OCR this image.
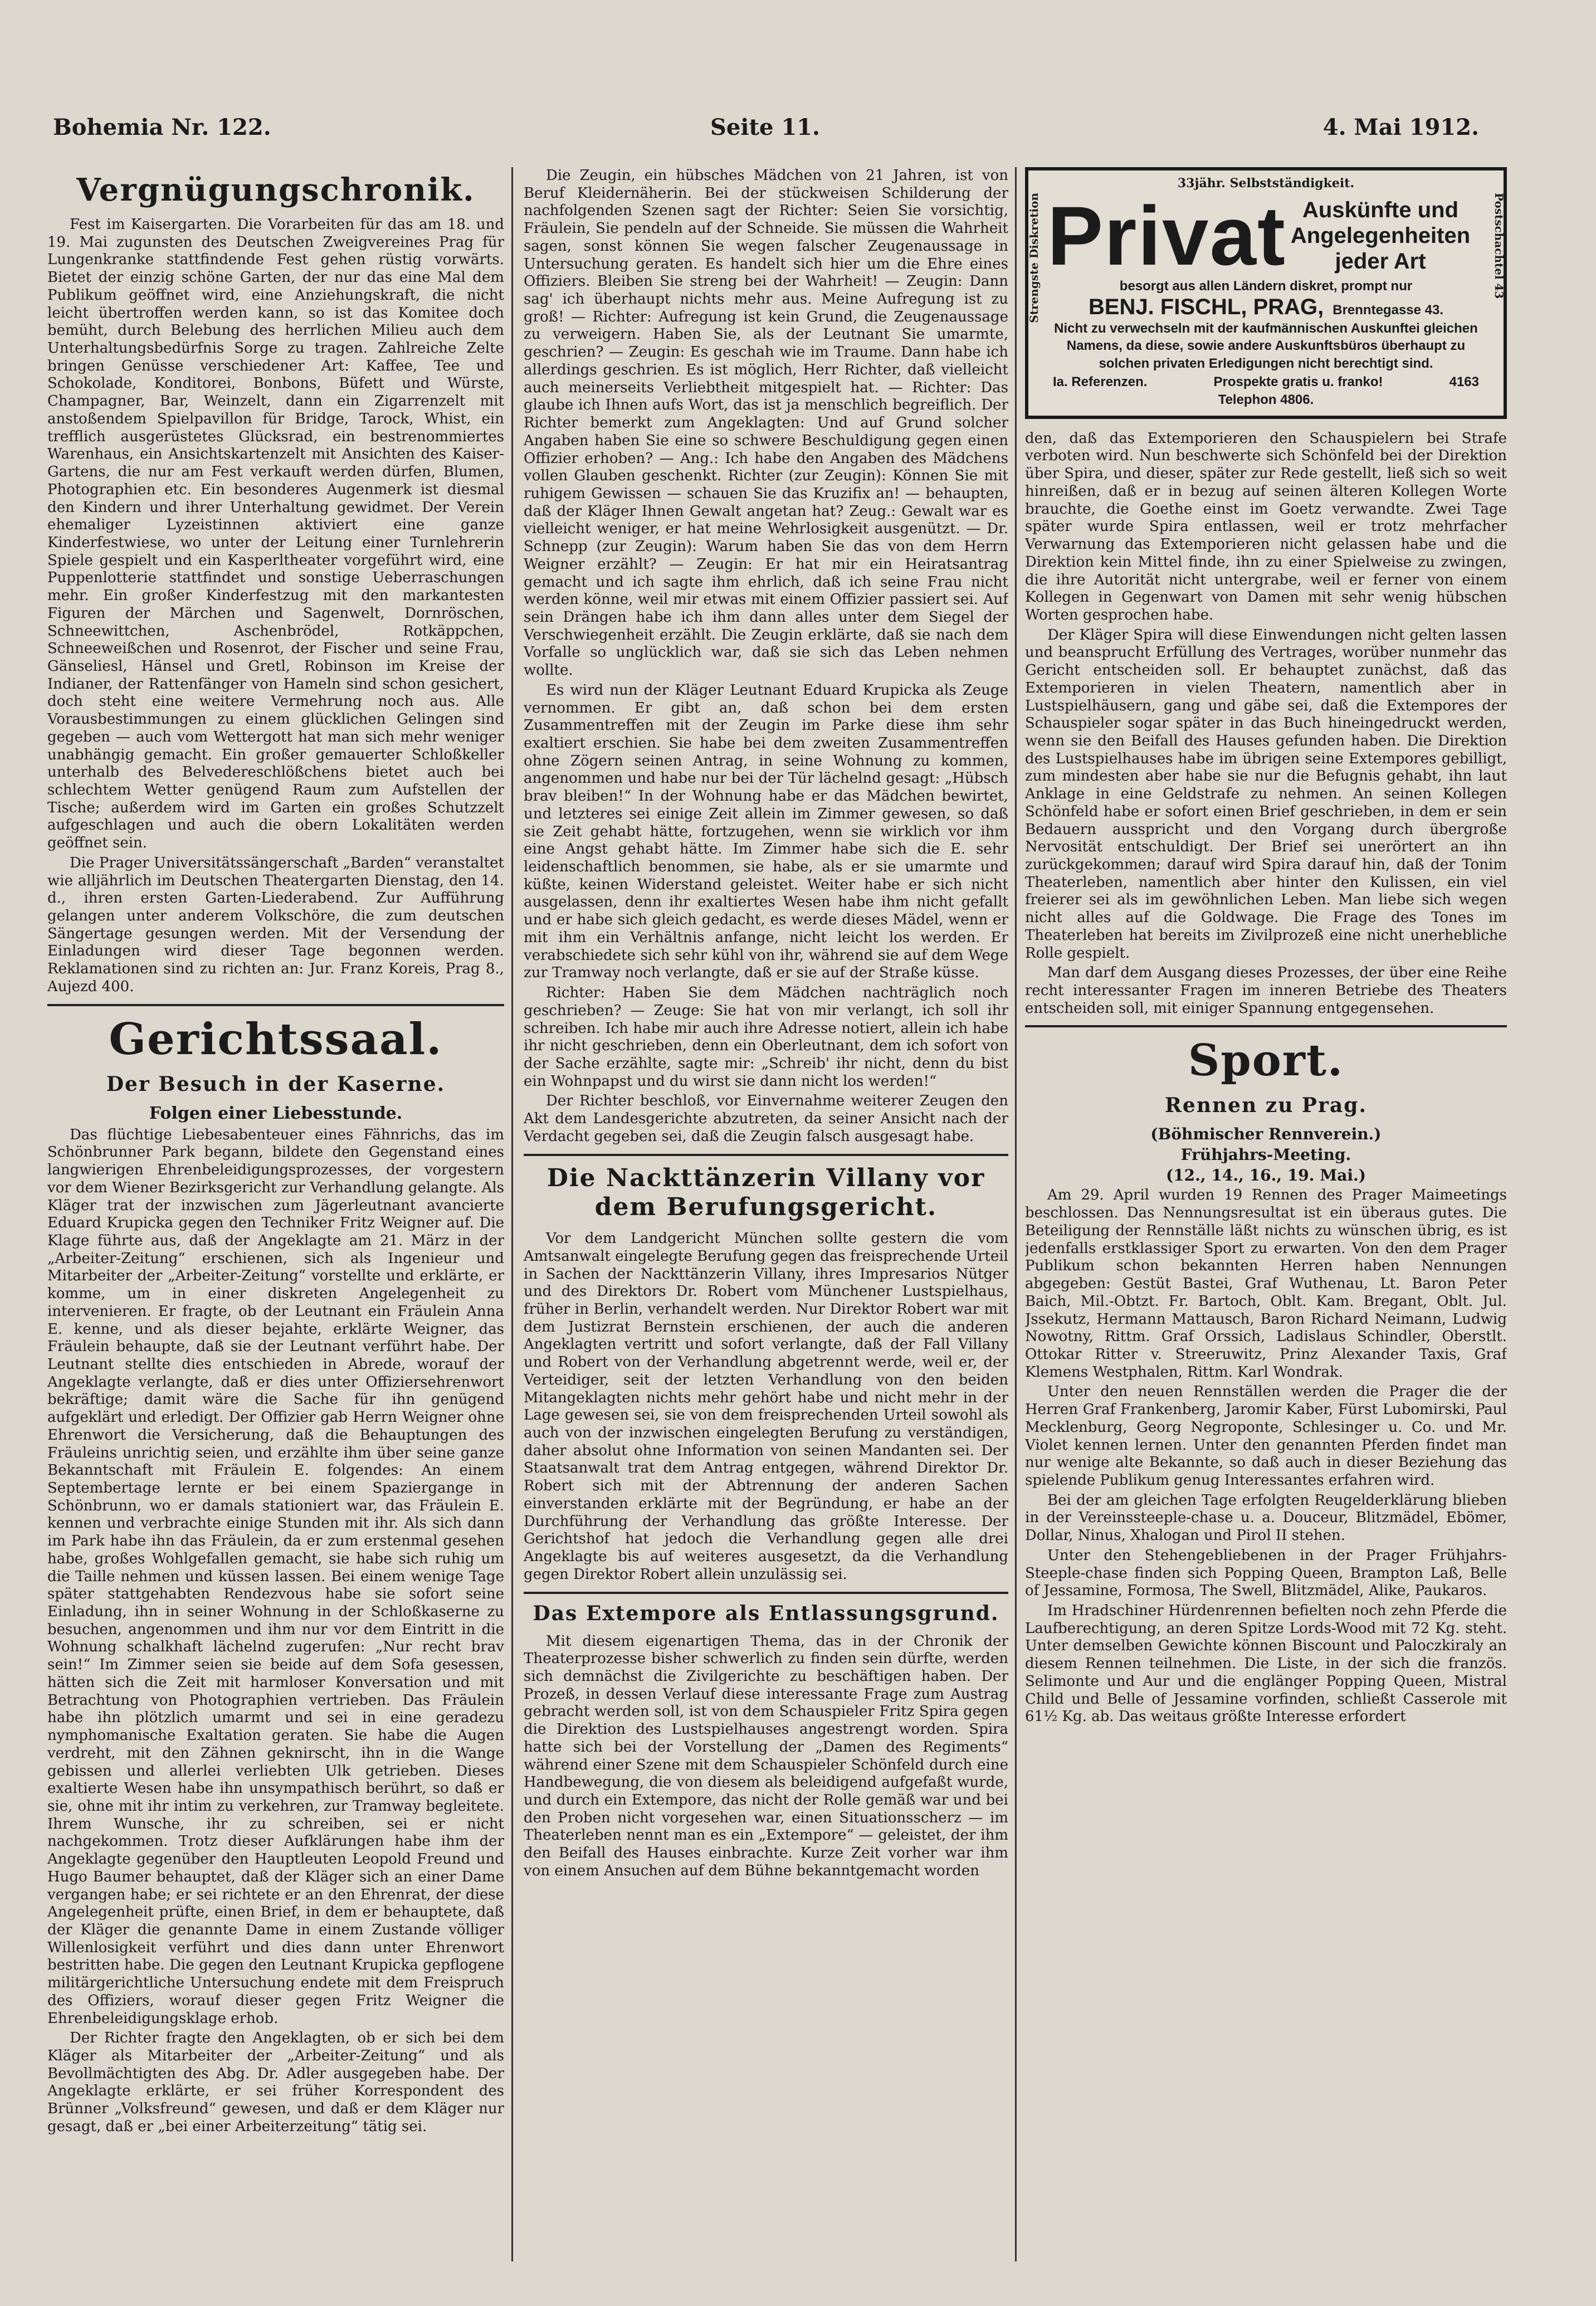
Bohemia Nr. 122.	Seite 11.	4. Mai 1912.
Vergnügungschronik.

Fest im Kaisergarten. Die Vorarbeiten für das am 18. und 19. Mai zugunsten des Deutschen Zweigvereines Prag für Lungenkranke stattfindende Fest gehen rüstig vorwärts. Bietet der einzig schöne Garten, der nur das eine Mal dem Publikum geöffnet wird, eine Anziehungskraft, die nicht leicht übertroffen werden kann, so ist das Komitee doch bemüht, durch Belebung des herrlichen Milieu auch dem Unterhaltungsbedürfnis Sorge zu tragen. Zahlreiche Zelte bringen Genüsse verschiedener Art: Kaffee, Tee und Schokolade, Konditorei, Bonbons, Büfett und Würste, Champagner, Bar, Weinzelt, dann ein Zigarrenzelt mit anstoßendem Spielpavillon für Bridge, Tarock, Whist, ein trefflich ausgerüstetes Glücksrad, ein bestrenommiertes Warenhaus, ein Ansichtskartenzelt mit Ansichten des Kaiser-Gartens, die nur am Fest verkauft werden dürfen, Blumen, Photographien etc. Ein besonderes Augenmerk ist diesmal den Kindern und ihrer Unterhaltung gewidmet. Der Verein ehemaliger Lyzeistinnen aktiviert eine ganze Kinderfestwiese, wo unter der Leitung einer Turnlehrerin Spiele gespielt und ein Kasperltheater vorgeführt wird, eine Puppenlotterie stattfindet und sonstige Ueberraschungen mehr. Ein großer Kinderfestzug mit den markantesten Figuren der Märchen und Sagenwelt, Dornröschen, Schneewittchen, Aschenbrödel, Rotkäppchen, Schneeweißchen und Rosenrot, der Fischer und seine Frau, Gänseliesl, Hänsel und Gretl, Robinson im Kreise der Indianer, der Rattenfänger von Hameln sind schon gesichert, doch steht eine weitere Vermehrung noch aus. Alle Vorausbestimmungen zu einem glücklichen Gelingen sind gegeben — auch vom Wettergott hat man sich mehr weniger unabhängig gemacht. Ein großer gemauerter Schloßkeller unterhalb des Belvedereschlößchens bietet auch bei schlechtem Wetter genügend Raum zum Aufstellen der Tische; außerdem wird im Garten ein großes Schutzzelt aufgeschlagen und auch die obern Lokalitäten werden geöffnet sein.

Die Prager Universitätssängerschaft „Barden“ veranstaltet wie alljährlich im Deutschen Theatergarten Dienstag, den 14. d., ihren ersten Garten-Liederabend. Zur Aufführung gelangen unter anderem Volkschöre, die zum deutschen Sängertage gesungen werden. Mit der Versendung der Einladungen wird dieser Tage begonnen werden. Reklamationen sind zu richten an: Jur. Franz Koreis, Prag 8., Aujezd 400.

Gerichtssaal.
Der Besuch in der Kaserne.
Folgen einer Liebesstunde.

Das flüchtige Liebesabenteuer eines Fähnrichs, das im Schönbrunner Park begann, bildete den Gegenstand eines langwierigen Ehrenbeleidigungsprozesses, der vorgestern vor dem Wiener Bezirksgericht zur Verhandlung gelangte. Als Kläger trat der inzwischen zum Jägerleutnant avancierte Eduard Krupicka gegen den Techniker Fritz Weigner auf. Die Klage führte aus, daß der Angeklagte am 21. März in der „Arbeiter-Zeitung“ erschienen, sich als Ingenieur und Mitarbeiter der „Arbeiter-Zeitung“ vorstellte und erklärte, er komme, um in einer diskreten Angelegenheit zu intervenieren. Er fragte, ob der Leutnant ein Fräulein Anna E. kenne, und als dieser bejahte, erklärte Weigner, das Fräulein behaupte, daß sie der Leutnant verführt habe. Der Leutnant stellte dies entschieden in Abrede, worauf der Angeklagte verlangte, daß er dies unter Offiziersehrenwort bekräftige; damit wäre die Sache für ihn genügend aufgeklärt und erledigt. Der Offizier gab Herrn Weigner ohne Ehrenwort die Versicherung, daß die Behauptungen des Fräuleins unrichtig seien, und erzählte ihm über seine ganze Bekanntschaft mit Fräulein E. folgendes: An einem Septembertage lernte er bei einem Spaziergange in Schönbrunn, wo er damals stationiert war, das Fräulein E. kennen und verbrachte einige Stunden mit ihr. Als sich dann im Park habe ihn das Fräulein, da er zum erstenmal gesehen habe, großes Wohlgefallen gemacht, sie habe sich ruhig um die Taille nehmen und küssen lassen. Bei einem wenige Tage später stattgehabten Rendezvous habe sie sofort seine Einladung, ihn in seiner Wohnung in der Schloßkaserne zu besuchen, angenommen und ihm nur vor dem Eintritt in die Wohnung schalkhaft lächelnd zugerufen: „Nur recht brav sein!“ Im Zimmer seien sie beide auf dem Sofa gesessen, hätten sich die Zeit mit harmloser Konversation und mit Betrachtung von Photographien vertrieben. Das Fräulein habe ihn plötzlich umarmt und sei in eine geradezu nymphomanische Exaltation geraten. Sie habe die Augen verdreht, mit den Zähnen geknirscht, ihn in die Wange gebissen und allerlei verliebten Ulk getrieben. Dieses exaltierte Wesen habe ihn unsympathisch berührt, so daß er sie, ohne mit ihr intim zu verkehren, zur Tramway begleitete. Ihrem Wunsche, ihr zu schreiben, sei er nicht nachgekommen. Trotz dieser Aufklärungen habe ihm der Angeklagte gegenüber den Hauptleuten Leopold Freund und Hugo Baumer behauptet, daß der Kläger sich an einer Dame vergangen habe; er sei richtete er an den Ehrenrat, der diese Angelegenheit prüfte, einen Brief, in dem er behauptete, daß der Kläger die genannte Dame in einem Zustande völliger Willenlosigkeit verführt und dies dann unter Ehrenwort bestritten habe. Die gegen den Leutnant Krupicka gepflogene militärgerichtliche Untersuchung endete mit dem Freispruch des Offiziers, worauf dieser gegen Fritz Weigner die Ehrenbeleidigungsklage erhob.

Der Richter fragte den Angeklagten, ob er sich bei dem Kläger als Mitarbeiter der „Arbeiter-Zeitung“ und als Bevollmächtigten des Abg. Dr. Adler ausgegeben habe. Der Angeklagte erklärte, er sei früher Korrespondent des Brünner „Volksfreund“ gewesen, und daß er dem Kläger nur gesagt, daß er „bei einer Arbeiterzeitung“ tätig sei.

Die Zeugin, ein hübsches Mädchen von 21 Jahren, ist von Beruf Kleidernäherin. Bei der stückweisen Schilderung der nachfolgenden Szenen sagt der Richter: Seien Sie vorsichtig, Fräulein, Sie pendeln auf der Schneide. Sie müssen die Wahrheit sagen, sonst können Sie wegen falscher Zeugenaussage in Untersuchung geraten. Es handelt sich hier um die Ehre eines Offiziers. Bleiben Sie streng bei der Wahrheit! — Zeugin: Dann sag' ich überhaupt nichts mehr aus. Meine Aufregung ist zu groß! — Richter: Aufregung ist kein Grund, die Zeugenaussage zu verweigern. Haben Sie, als der Leutnant Sie umarmte, geschrien? — Zeugin: Es geschah wie im Traume. Dann habe ich allerdings geschrien. Es ist möglich, Herr Richter, daß vielleicht auch meinerseits Verliebtheit mitgespielt hat. — Richter: Das glaube ich Ihnen aufs Wort, das ist ja menschlich begreiflich. Der Richter bemerkt zum Angeklagten: Und auf Grund solcher Angaben haben Sie eine so schwere Beschuldigung gegen einen Offizier erhoben? — Ang.: Ich habe den Angaben des Mädchens vollen Glauben geschenkt. Richter (zur Zeugin): Können Sie mit ruhigem Gewissen — schauen Sie das Kruzifix an! — behaupten, daß der Kläger Ihnen Gewalt angetan hat? Zeug.: Gewalt war es vielleicht weniger, er hat meine Wehrlosigkeit ausgenützt. — Dr. Schnepp (zur Zeugin): Warum haben Sie das von dem Herrn Weigner erzählt? — Zeugin: Er hat mir ein Heiratsantrag gemacht und ich sagte ihm ehrlich, daß ich seine Frau nicht werden könne, weil mir etwas mit einem Offizier passiert sei. Auf sein Drängen habe ich ihm dann alles unter dem Siegel der Verschwiegenheit erzählt. Die Zeugin erklärte, daß sie nach dem Vorfalle so unglücklich war, daß sie sich das Leben nehmen wollte.

Es wird nun der Kläger Leutnant Eduard Krupicka als Zeuge vernommen. Er gibt an, daß schon bei dem ersten Zusammentreffen mit der Zeugin im Parke diese ihm sehr exaltiert erschien. Sie habe bei dem zweiten Zusammentreffen ohne Zögern seinen Antrag, in seine Wohnung zu kommen, angenommen und habe nur bei der Tür lächelnd gesagt: „Hübsch brav bleiben!“ In der Wohnung habe er das Mädchen bewirtet, und letzteres sei einige Zeit allein im Zimmer gewesen, so daß sie Zeit gehabt hätte, fortzugehen, wenn sie wirklich vor ihm eine Angst gehabt hätte. Im Zimmer habe sich die E. sehr leidenschaftlich benommen, sie habe, als er sie umarmte und küßte, keinen Widerstand geleistet. Weiter habe er sich nicht ausgelassen, denn ihr exaltiertes Wesen habe ihm nicht gefallt und er habe sich gleich gedacht, es werde dieses Mädel, wenn er mit ihm ein Verhältnis anfange, nicht leicht los werden. Er verabschiedete sich sehr kühl von ihr, während sie auf dem Wege zur Tramway noch verlangte, daß er sie auf der Straße küsse.

Richter: Haben Sie dem Mädchen nachträglich noch geschrieben? — Zeuge: Sie hat von mir verlangt, ich soll ihr schreiben. Ich habe mir auch ihre Adresse notiert, allein ich habe ihr nicht geschrieben, denn ein Oberleutnant, dem ich sofort von der Sache erzählte, sagte mir: „Schreib' ihr nicht, denn du bist ein Wohnpapst und du wirst sie dann nicht los werden!“

Der Richter beschloß, vor Einvernahme weiterer Zeugen den Akt dem Landesgerichte abzutreten, da seiner Ansicht nach der Verdacht gegeben sei, daß die Zeugin falsch ausgesagt habe.

Die Nackttänzerin Villany vor dem Berufungsgericht.

Vor dem Landgericht München sollte gestern die vom Amtsanwalt eingelegte Berufung gegen das freisprechende Urteil in Sachen der Nackttänzerin Villany, ihres Impresarios Nütger und des Direktors Dr. Robert vom Münchener Lustspielhaus, früher in Berlin, verhandelt werden. Nur Direktor Robert war mit dem Justizrat Bernstein erschienen, der auch die anderen Angeklagten vertritt und sofort verlangte, daß der Fall Villany und Robert von der Verhandlung abgetrennt werde, weil er, der Verteidiger, seit der letzten Verhandlung von den beiden Mitangeklagten nichts mehr gehört habe und nicht mehr in der Lage gewesen sei, sie von dem freisprechenden Urteil sowohl als auch von der inzwischen eingelegten Berufung zu verständigen, daher absolut ohne Information von seinen Mandanten sei. Der Staatsanwalt trat dem Antrag entgegen, während Direktor Dr. Robert sich mit der Abtrennung der anderen Sachen einverstanden erklärte mit der Begründung, er habe an der Durchführung der Verhandlung das größte Interesse. Der Gerichtshof hat jedoch die Verhandlung gegen alle drei Angeklagte bis auf weiteres ausgesetzt, da die Verhandlung gegen Direktor Robert allein unzulässig sei.

Das Extempore als Entlassungsgrund.

Mit diesem eigenartigen Thema, das in der Chronik der Theaterprozesse bisher schwerlich zu finden sein dürfte, werden sich demnächst die Zivilgerichte zu beschäftigen haben. Der Prozeß, in dessen Verlauf diese interessante Frage zum Austrag gebracht werden soll, ist von dem Schauspieler Fritz Spira gegen die Direktion des Lustspielhauses angestrengt worden. Spira hatte sich bei der Vorstellung der „Damen des Regiments“ während einer Szene mit dem Schauspieler Schönfeld durch eine Handbewegung, die von diesem als beleidigend aufgefaßt wurde, und durch ein Extempore, das nicht der Rolle gemäß war und bei den Proben nicht vorgesehen war, einen Situationsscherz — im Theaterleben nennt man es ein „Extempore“ — geleistet, der ihm den Beifall des Hauses einbrachte. Kurze Zeit vorher war ihm von einem Ansuchen auf dem Bühne bekanntgemacht worden

Strengste Diskretion	Postschachtel 43
33jähr. Selbstständigkeit.
Privat Auskünfte und
Angelegenheiten
jeder Art
besorgt aus allen Ländern diskret, prompt nur
BENJ. FISCHL, PRAG, Brenntegasse 43.
Nicht zu verwechseln mit der kaufmännischen Auskunftei gleichen Namens, da diese, sowie andere Auskunftsbüros überhaupt zu solchen privaten Erledigungen nicht berechtigt sind.
Ia. Referenzen.	Prospekte gratis u. franko!	4163
Telephon 4806.

den, daß das Extemporieren den Schauspielern bei Strafe verboten wird. Nun beschwerte sich Schönfeld bei der Direktion über Spira, und dieser, später zur Rede gestellt, ließ sich so weit hinreißen, daß er in bezug auf seinen älteren Kollegen Worte brauchte, die Goethe einst im Goetz verwandte. Zwei Tage später wurde Spira entlassen, weil er trotz mehrfacher Verwarnung das Extemporieren nicht gelassen habe und die Direktion kein Mittel finde, ihn zu einer Spielweise zu zwingen, die ihre Autorität nicht untergrabe, weil er ferner von einem Kollegen in Gegenwart von Damen mit sehr wenig hübschen Worten gesprochen habe.

Der Kläger Spira will diese Einwendungen nicht gelten lassen und beansprucht Erfüllung des Vertrages, worüber nunmehr das Gericht entscheiden soll. Er behauptet zunächst, daß das Extemporieren in vielen Theatern, namentlich aber in Lustspielhäusern, gang und gäbe sei, daß die Extempores der Schauspieler sogar später in das Buch hineingedruckt werden, wenn sie den Beifall des Hauses gefunden haben. Die Direktion des Lustspielhauses habe im übrigen seine Extempores gebilligt, zum mindesten aber habe sie nur die Befugnis gehabt, ihn laut Anklage in eine Geldstrafe zu nehmen. An seinen Kollegen Schönfeld habe er sofort einen Brief geschrieben, in dem er sein Bedauern ausspricht und den Vorgang durch übergroße Nervosität entschuldigt. Der Brief sei unerörtert an ihn zurückgekommen; darauf wird Spira darauf hin, daß der Tonim Theaterleben, namentlich aber hinter den Kulissen, ein viel freierer sei als im gewöhnlichen Leben. Man liebe sich wegen nicht alles auf die Goldwage. Die Frage des Tones im Theaterleben hat bereits im Zivilprozeß eine nicht unerhebliche Rolle gespielt.

Man darf dem Ausgang dieses Prozesses, der über eine Reihe recht interessanter Fragen im inneren Betriebe des Theaters entscheiden soll, mit einiger Spannung entgegensehen.

Sport.
Rennen zu Prag.
(Böhmischer Rennverein.)
Frühjahrs-Meeting.
(12., 14., 16., 19. Mai.)

Am 29. April wurden 19 Rennen des Prager Maimeetings beschlossen. Das Nennungsresultat ist ein überaus gutes. Die Beteiligung der Rennställe läßt nichts zu wünschen übrig, es ist jedenfalls erstklassiger Sport zu erwarten. Von den dem Prager Publikum schon bekannten Herren haben Nennungen abgegeben: Gestüt Bastei, Graf Wuthenau, Lt. Baron Peter Baich, Mil.-Obtzt. Fr. Bartoch, Oblt. Kam. Bregant, Oblt. Jul. Jssekutz, Hermann Mattausch, Baron Richard Neimann, Ludwig Nowotny, Rittm. Graf Orssich, Ladislaus Schindler, Oberstlt. Ottokar Ritter v. Streeruwitz, Prinz Alexander Taxis, Graf Klemens Westphalen, Rittm. Karl Wondrak.

Unter den neuen Rennställen werden die Prager die der Herren Graf Frankenberg, Jaromir Kaber, Fürst Lubomirski, Paul Mecklenburg, Georg Negroponte, Schlesinger u. Co. und Mr. Violet kennen lernen. Unter den genannten Pferden findet man nur wenige alte Bekannte, so daß auch in dieser Beziehung das spielende Publikum genug Interessantes erfahren wird.

Bei der am gleichen Tage erfolgten Reugelderklärung blieben in der Vereinssteeple-chase u. a. Douceur, Blitzmädel, Ebömer, Dollar, Ninus, Xhalogan und Pirol II stehen.

Unter den Stehengebliebenen in der Prager Frühjahrs-Steeple-chase finden sich Popping Queen, Brampton Laß, Belle of Jessamine, Formosa, The Swell, Blitzmädel, Alike, Paukaros.

Im Hradschiner Hürdenrennen befielten noch zehn Pferde die Laufberechtigung, an deren Spitze Lords-Wood mit 72 Kg. steht. Unter demselben Gewichte können Biscount und Paloczkiraly an diesem Rennen teilnehmen. Die Liste, in der sich die französ. Selimonte und Aur und die englänger Popping Queen, Mistral Child und Belle of Jessamine vorfinden, schließt Casserole mit 61½ Kg. ab. Das weitaus größte Interesse erfordert
